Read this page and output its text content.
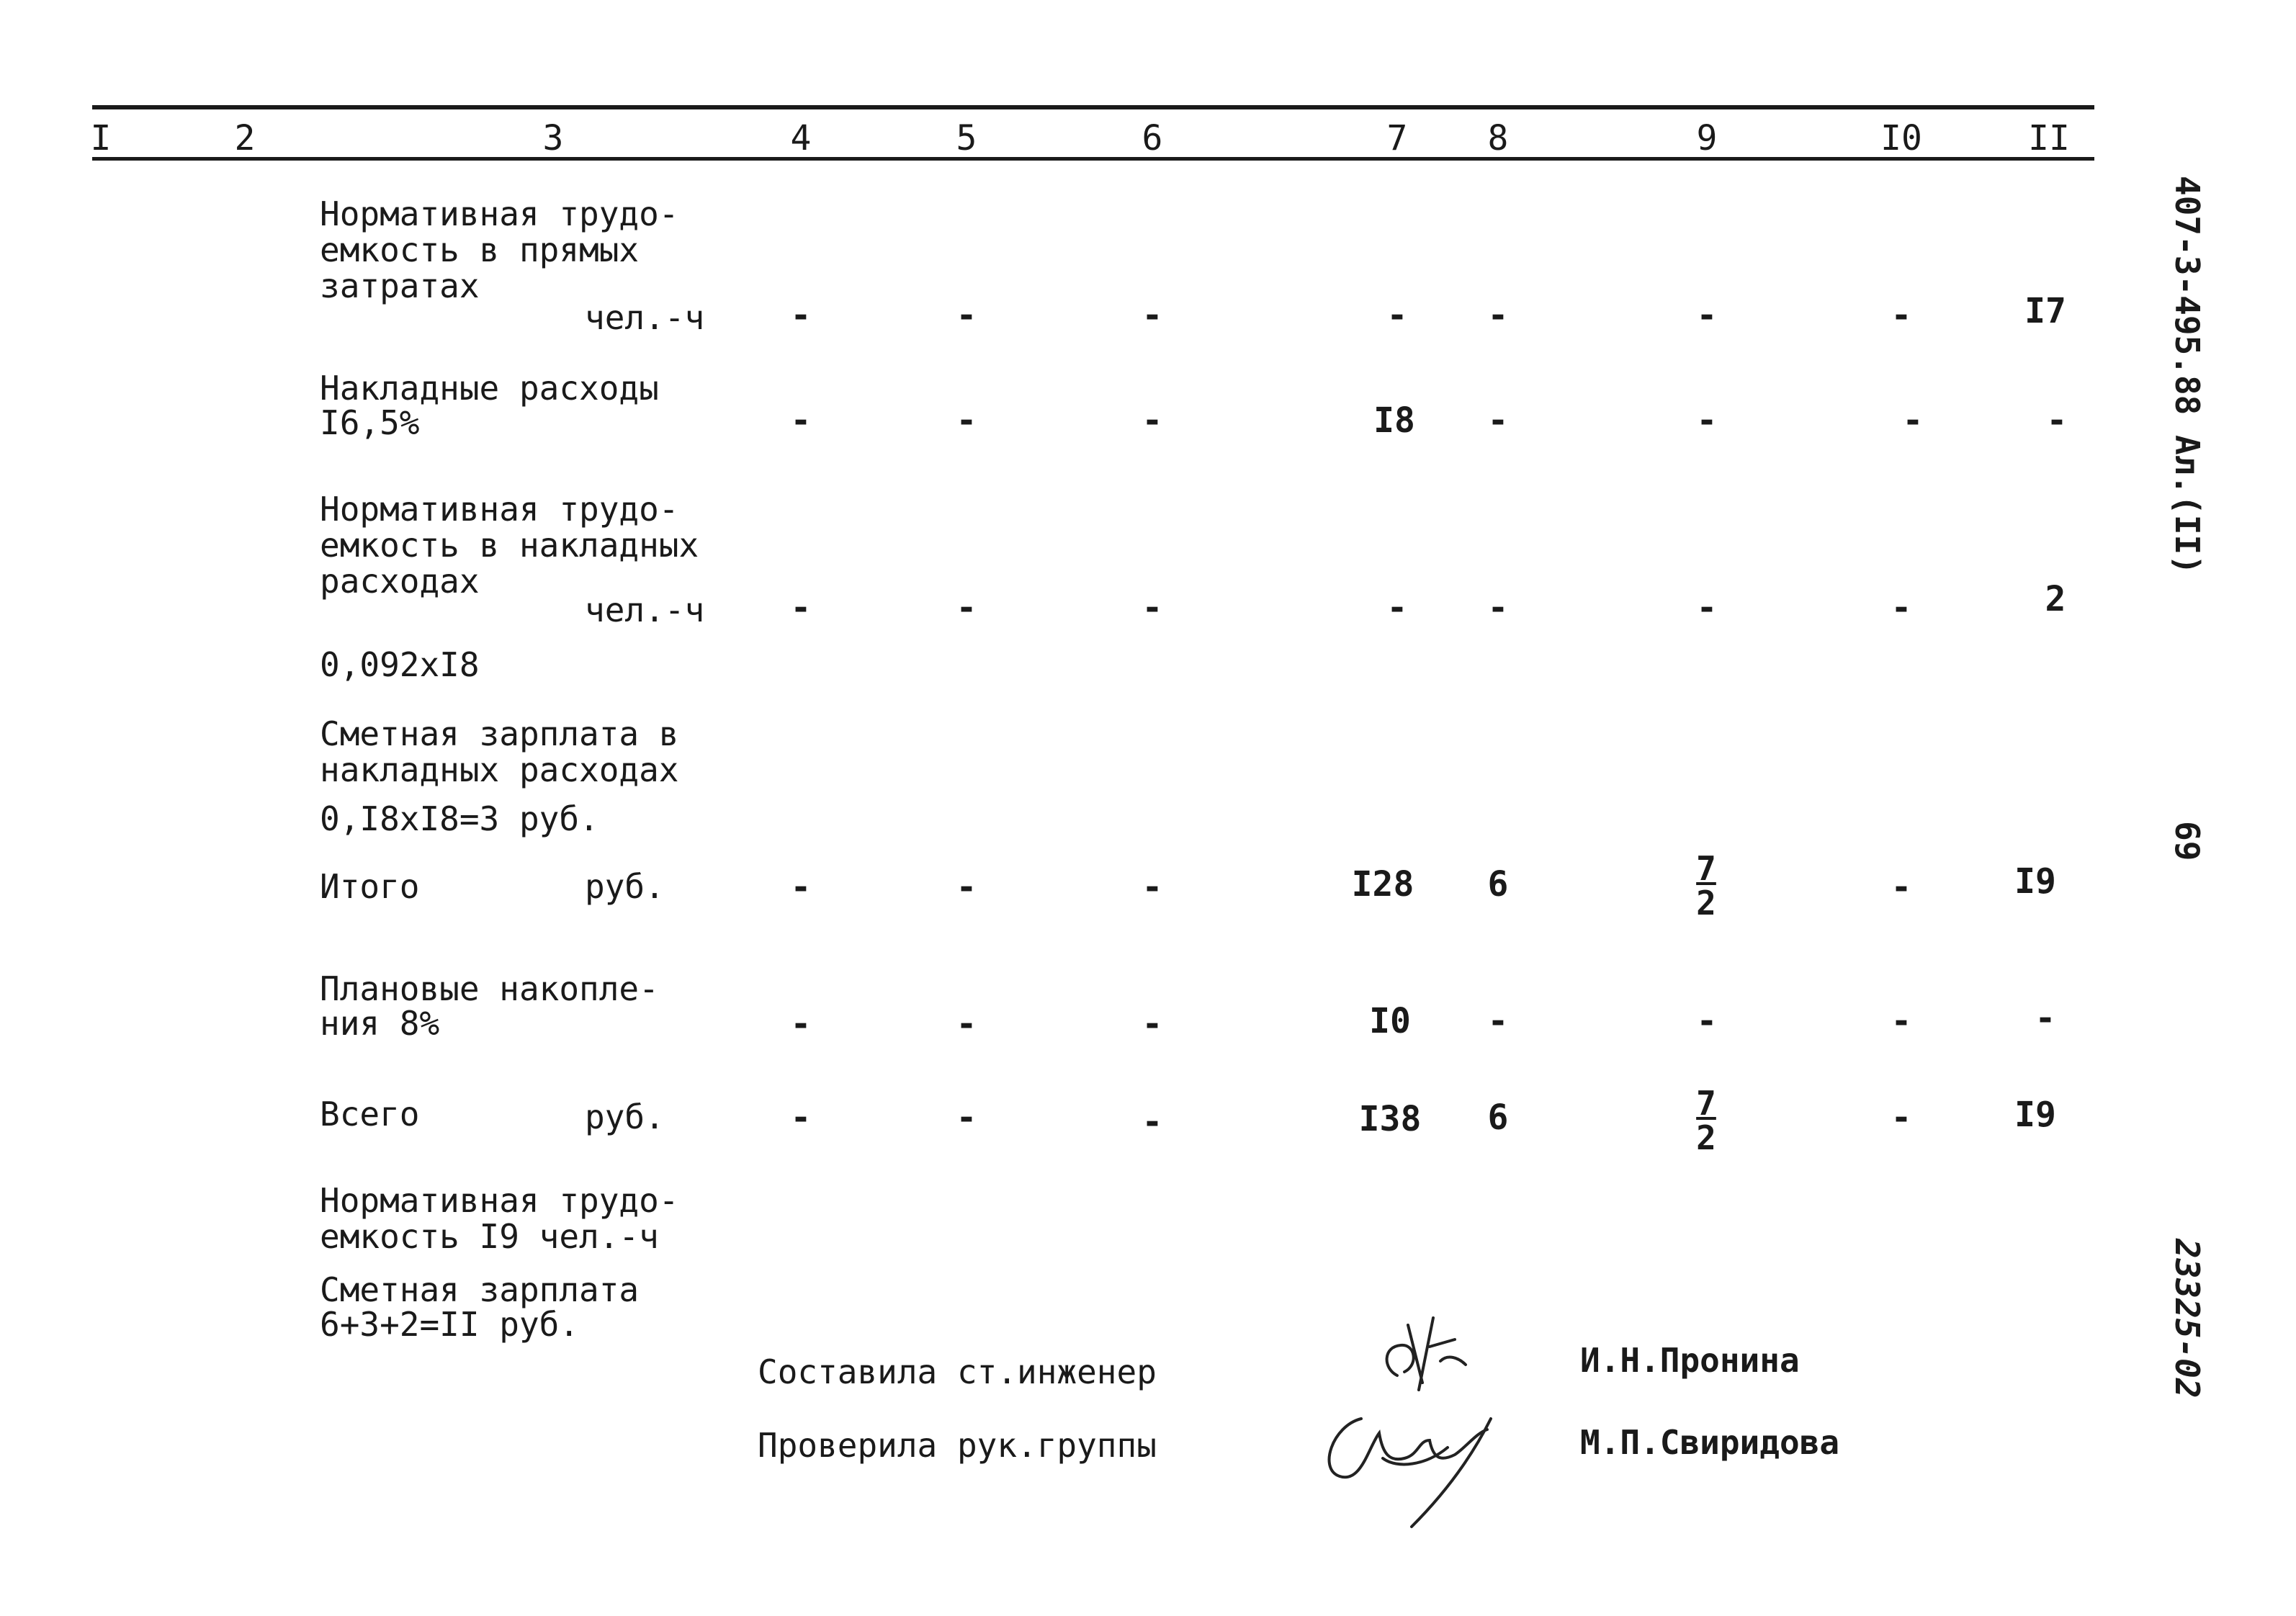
I	2	3	4	5	6	7	8	9	I0	II
Нормативная трудо-
емкость в прямых
затратах
чел.-ч	-	-	-	-	-	-	-	I7
Накладные расходы
I6,5%	-	-	-	I8	-	-	-	-
Нормативная трудо-
емкость в накладных
расходах
чел.-ч	-	-	-	-	-	-	-	2
0,092хI8
Сметная зарплата в
накладных расходах
0,I8хI8=3 руб.
Итого	руб.	-	-	-	I28	6	$\frac{7}{2}$	-	I9
Плановые накопле-
ния 8%	-	-	-	I0	-	-	-	-
Всего	руб.	-	-	-	I38	6	$\frac{7}{2}$	-	I9
Нормативная трудо-
емкость I9 чел.-ч
Сметная зарплата
6+3+2=II руб.
Составила ст.инженер	И.Н.Пронина
Проверила рук.группы	М.П.Свиридова
407-3-495.88 Ал.(II)
69
23325-02
